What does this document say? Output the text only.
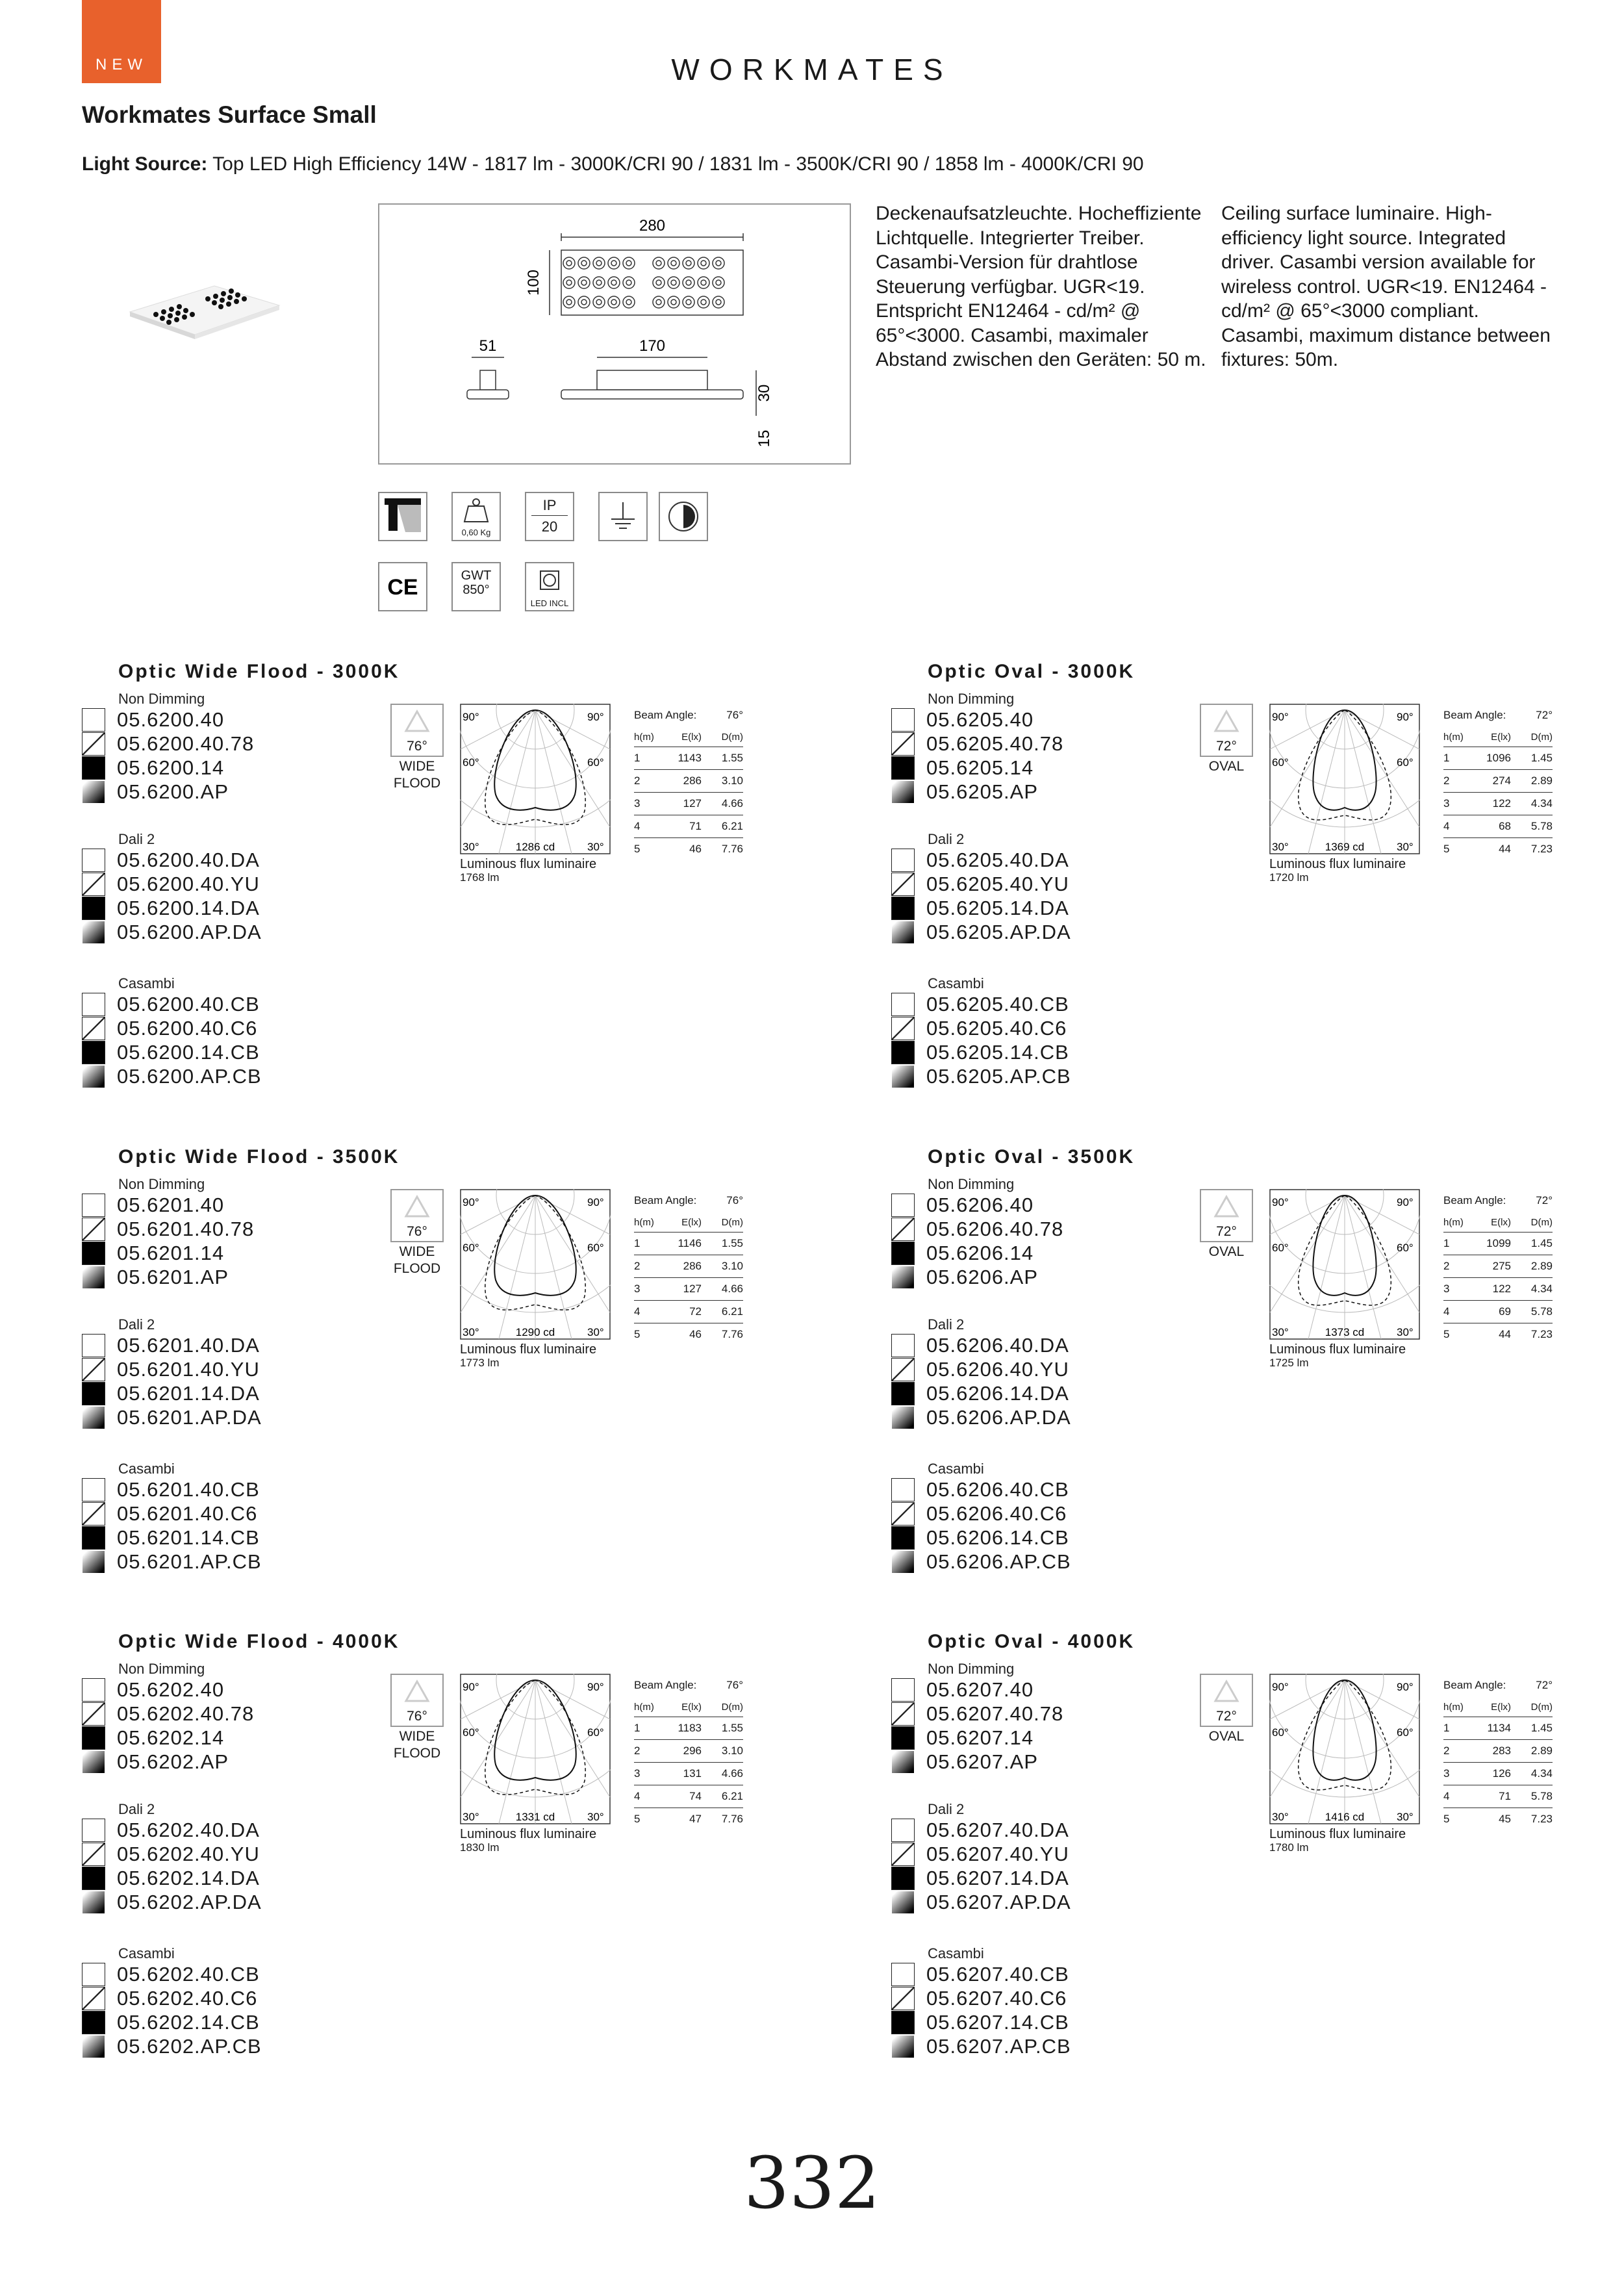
NEW	WORKMATES
Workmates Surface Small
Light Source: Top LED High Efficiency 14W - 1817 lm - 3000K/CRI 90 / 1831 lm - 3500K/CRI 90 / 1858 lm - 4000K/CRI 90
280
100
51	170
30
15
Deckenaufsatzleuchte. Hocheffiziente Lichtquelle. Integrierter Treiber. Casambi-Version für drahtlose Steuerung verfügbar. UGR<19. Entspricht EN12464 - cd/m² @ 65°<3000. Casambi, maximaler Abstand zwischen den Geräten: 50 m.
Ceiling surface luminaire. High-efficiency light source. Integrated driver. Casambi version available for wireless control. UGR<19. EN12464 - cd/m² @ 65°<3000 compliant. Casambi, maximum distance between fixtures: 50m.
0,60 Kg
IP
20
CE	GWT 850°
LED INCL
Optic Wide Flood - 3000K
Non Dimming
05.6200.40
05.6200.40.78
05.6200.14
05.6200.AP
Dali 2
05.6200.40.DA
05.6200.40.YU
05.6200.14.DA
05.6200.AP.DA
Casambi
05.6200.40.CB
05.6200.40.C6
05.6200.14.CB
05.6200.AP.CB
76°
WIDE FLOOD
90°	90°
60°	60°
30°	30°
1286 cd
Luminous flux luminaire
1768 lm
Beam Angle:	76°
h(m)	E(lx)	D(m)
1	1143	1.55
2	286	3.10
3	127	4.66
4	71	6.21
5	46	7.76
Optic Oval - 3000K
Non Dimming
05.6205.40
05.6205.40.78
05.6205.14
05.6205.AP
Dali 2
05.6205.40.DA
05.6205.40.YU
05.6205.14.DA
05.6205.AP.DA
Casambi
05.6205.40.CB
05.6205.40.C6
05.6205.14.CB
05.6205.AP.CB
72°
OVAL
90°	90°
60°	60°
30°	30°
1369 cd
Luminous flux luminaire
1720 lm
Beam Angle:	72°
h(m)	E(lx)	D(m)
1	1096	1.45
2	274	2.89
3	122	4.34
4	68	5.78
5	44	7.23
Optic Wide Flood - 3500K
Non Dimming
05.6201.40
05.6201.40.78
05.6201.14
05.6201.AP
Dali 2
05.6201.40.DA
05.6201.40.YU
05.6201.14.DA
05.6201.AP.DA
Casambi
05.6201.40.CB
05.6201.40.C6
05.6201.14.CB
05.6201.AP.CB
76°
WIDE FLOOD
90°	90°
60°	60°
30°	30°
1290 cd
Luminous flux luminaire
1773 lm
Beam Angle:	76°
h(m)	E(lx)	D(m)
1	1146	1.55
2	286	3.10
3	127	4.66
4	72	6.21
5	46	7.76
Optic Oval - 3500K
Non Dimming
05.6206.40
05.6206.40.78
05.6206.14
05.6206.AP
Dali 2
05.6206.40.DA
05.6206.40.YU
05.6206.14.DA
05.6206.AP.DA
Casambi
05.6206.40.CB
05.6206.40.C6
05.6206.14.CB
05.6206.AP.CB
72°
OVAL
90°	90°
60°	60°
30°	30°
1373 cd
Luminous flux luminaire
1725 lm
Beam Angle:	72°
h(m)	E(lx)	D(m)
1	1099	1.45
2	275	2.89
3	122	4.34
4	69	5.78
5	44	7.23
Optic Wide Flood - 4000K
Non Dimming
05.6202.40
05.6202.40.78
05.6202.14
05.6202.AP
Dali 2
05.6202.40.DA
05.6202.40.YU
05.6202.14.DA
05.6202.AP.DA
Casambi
05.6202.40.CB
05.6202.40.C6
05.6202.14.CB
05.6202.AP.CB
76°
WIDE FLOOD
90°	90°
60°	60°
30°	30°
1331 cd
Luminous flux luminaire
1830 lm
Beam Angle:	76°
h(m)	E(lx)	D(m)
1	1183	1.55
2	296	3.10
3	131	4.66
4	74	6.21
5	47	7.76
Optic Oval - 4000K
Non Dimming
05.6207.40
05.6207.40.78
05.6207.14
05.6207.AP
Dali 2
05.6207.40.DA
05.6207.40.YU
05.6207.14.DA
05.6207.AP.DA
Casambi
05.6207.40.CB
05.6207.40.C6
05.6207.14.CB
05.6207.AP.CB
72°
OVAL
90°	90°
60°	60°
30°	30°
1416 cd
Luminous flux luminaire
1780 lm
Beam Angle:	72°
h(m)	E(lx)	D(m)
1	1134	1.45
2	283	2.89
3	126	4.34
4	71	5.78
5	45	7.23
332
